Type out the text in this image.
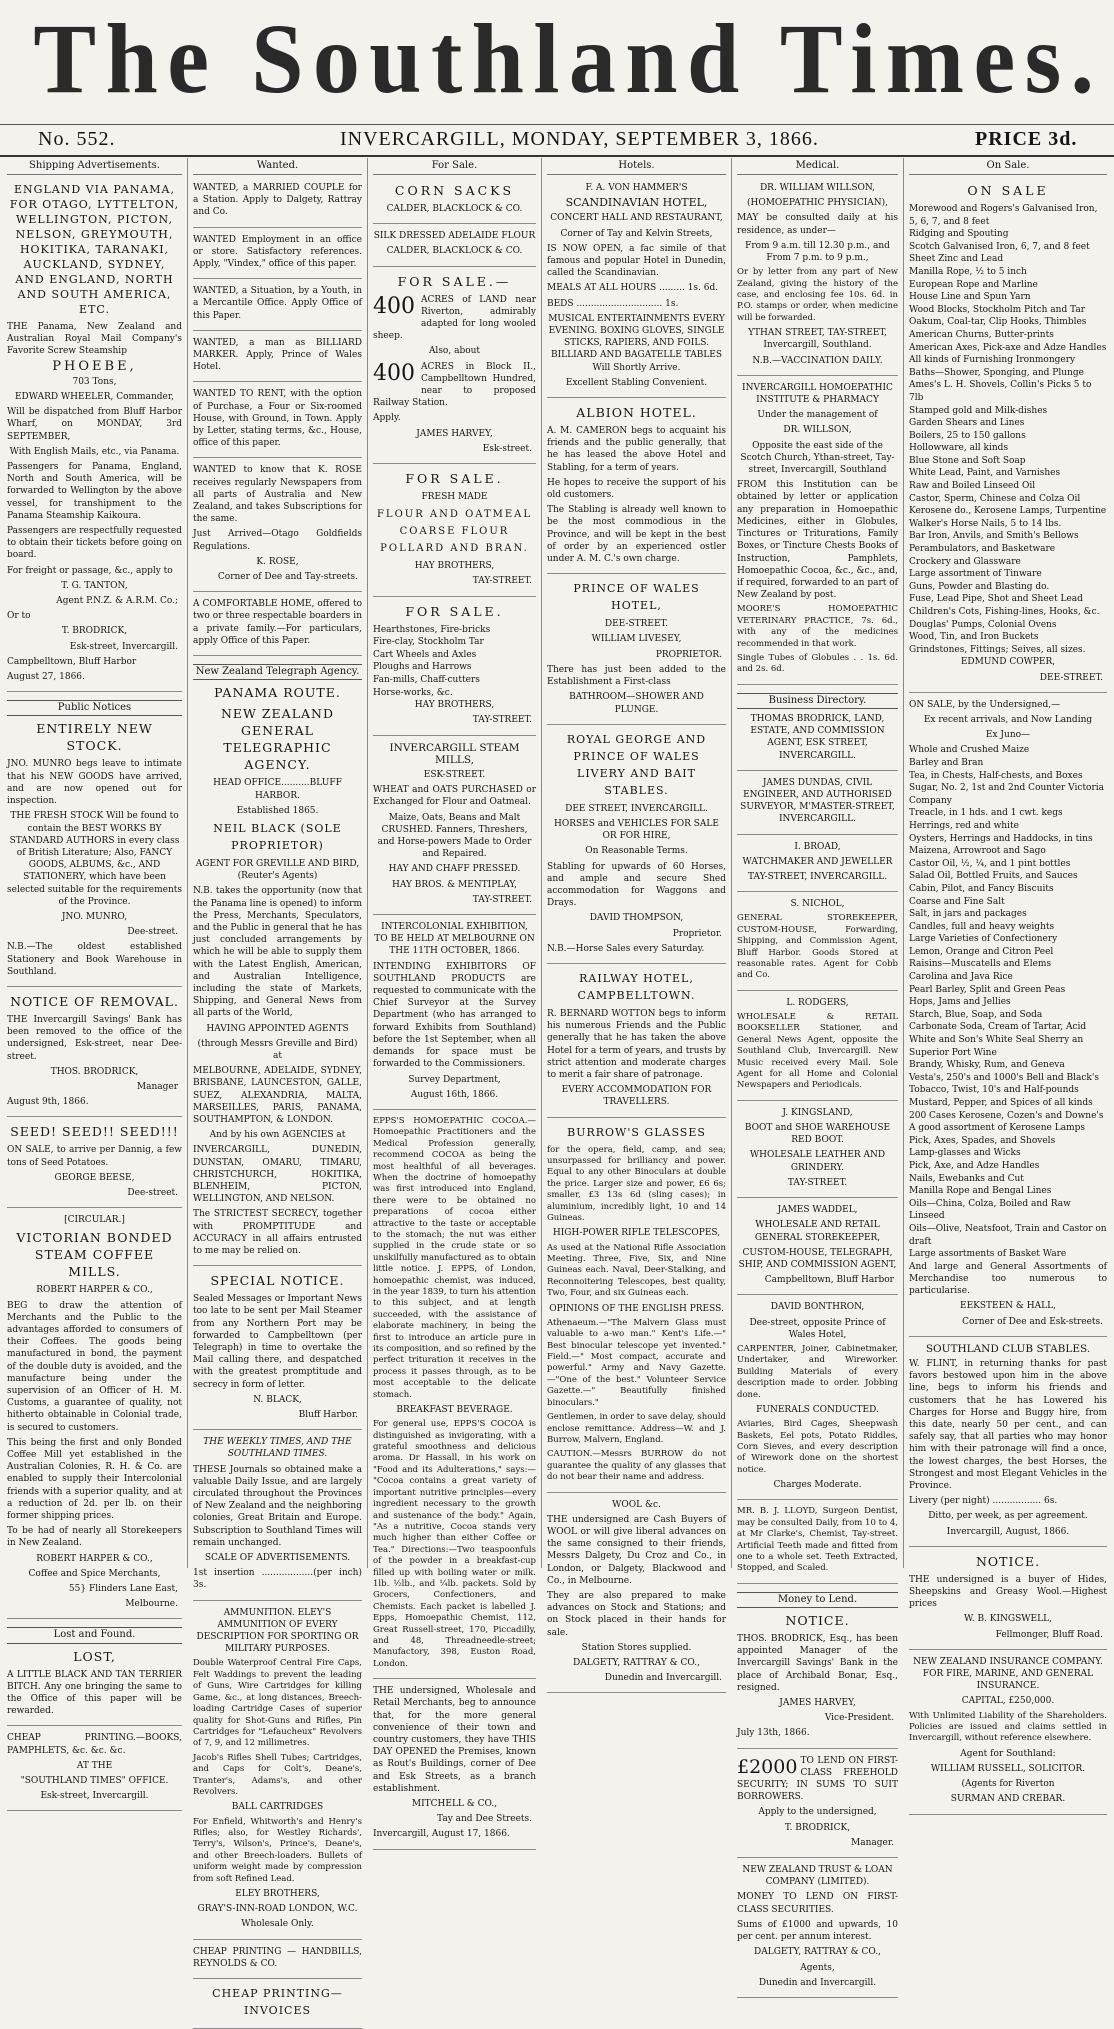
The Southland Times.
No. 552.	INVERCARGILL, MONDAY, SEPTEMBER 3, 1866.	PRICE 3d.
Shipping Advertisements.

ENGLAND VIA PANAMA, FOR OTAGO, LYTTELTON, WELLINGTON, PICTON, NELSON, GREYMOUTH, HOKITIKA, TARANAKI, AUCKLAND, SYDNEY, AND ENGLAND, NORTH AND SOUTH AMERICA, ETC.

THE Panama, New Zealand and Australian Royal Mail Company's Favorite Screw Steamship

PHOEBE,

703 Tons,

EDWARD WHEELER, Commander,

Will be dispatched from Bluff Harbor Wharf, on MONDAY, 3rd SEPTEMBER,

With English Mails, etc., via Panama.

Passengers for Panama, England, North and South America, will be forwarded to Wellington by the above vessel, for transhipment to the Panama Steamship Kaikoura.

Passengers are respectfully requested to obtain their tickets before going on board.

For freight or passage, &c., apply to

T. G. TANTON,

Agent P.N.Z. & A.R.M. Co.;

Or to

T. BRODRICK,

Esk-street, Invercargill.

Campbelltown, Bluff Harbor

August 27, 1866.

Public Notices

ENTIRELY NEW STOCK.

JNO. MUNRO begs leave to intimate that his NEW GOODS have arrived, and are now opened out for inspection.

THE FRESH STOCK Will be found to contain the BEST WORKS BY STANDARD AUTHORS in every class of British Literature; Also, FANCY GOODS, ALBUMS, &c., AND STATIONERY, which have been selected suitable for the requirements of the Province.

JNO. MUNRO,

Dee-street.

N.B.—The oldest established Stationery and Book Warehouse in Southland.

NOTICE OF REMOVAL.

THE Invercargill Savings' Bank has been removed to the office of the undersigned, Esk-street, near Dee-street.

THOS. BRODRICK,

Manager

August 9th, 1866.

SEED! SEED!! SEED!!!

ON SALE, to arrive per Dannig, a few tons of Seed Potatoes.

GEORGE BEESE,

Dee-street.

[CIRCULAR.]

VICTORIAN BONDED STEAM COFFEE MILLS.

ROBERT HARPER & CO.,

BEG to draw the attention of Merchants and the Public to the advantages afforded to consumers of their Coffees. The goods being manufactured in bond, the payment of the double duty is avoided, and the manufacture being under the supervision of an Officer of H. M. Customs, a guarantee of quality, not hitherto obtainable in Colonial trade, is secured to customers.

This being the first and only Bonded Coffee Mill yet established in the Australian Colonies, R. H. & Co. are enabled to supply their Intercolonial friends with a superior quality, and at a reduction of 2d. per lb. on their former shipping prices.

To be had of nearly all Storekeepers in New Zealand.

ROBERT HARPER & CO.,

Coffee and Spice Merchants,

55} Flinders Lane East,

Melbourne.

Lost and Found.

LOST,

A LITTLE BLACK AND TAN TERRIER BITCH. Any one bringing the same to the Office of this paper will be rewarded.

CHEAP PRINTING.—BOOKS, PAMPHLETS, &c. &c. &c.

AT THE

"SOUTHLAND TIMES" OFFICE.

Esk-street, Invercargill.

Wanted.

WANTED, a MARRIED COUPLE for a Station. Apply to Dalgety, Rattray and Co.

WANTED Employment in an office or store. Satisfactory references. Apply, "Vindex," office of this paper.

WANTED, a Situation, by a Youth, in a Mercantile Office. Apply Office of this Paper.

WANTED, a man as BILLIARD MARKER. Apply, Prince of Wales Hotel.

WANTED TO RENT, with the option of Purchase, a Four or Six-roomed House, with Ground, in Town. Apply by Letter, stating terms, &c., House, office of this paper.

WANTED to know that K. ROSE receives regularly Newspapers from all parts of Australia and New Zealand, and takes Subscriptions for the same.

Just Arrived—Otago Goldfields Regulations.

K. ROSE,

Corner of Dee and Tay-streets.

A COMFORTABLE HOME, offered to two or three respectable boarders in a private family.—For particulars, apply Office of this Paper.

New Zealand Telegraph Agency.

PANAMA ROUTE.

NEW ZEALAND GENERAL TELEGRAPHIC AGENCY.

HEAD OFFICE..........BLUFF HARBOR.

Established 1865.

NEIL BLACK (SOLE PROPRIETOR)

AGENT FOR GREVILLE AND BIRD, (Reuter's Agents)

N.B. takes the opportunity (now that the Panama line is opened) to inform the Press, Merchants, Speculators, and the Public in general that he has just concluded arrangements by which he will be able to supply them with the Latest English, American, and Australian Intelligence, including the state of Markets, Shipping, and General News from all parts of the World,

HAVING APPOINTED AGENTS

(through Messrs Greville and Bird) at

MELBOURNE, ADELAIDE, SYDNEY, BRISBANE, LAUNCESTON, GALLE, SUEZ, ALEXANDRIA, MALTA, MARSEILLES, PARIS, PANAMA, SOUTHAMPTON, & LONDON.

And by his own AGENCIES at

INVERCARGILL, DUNEDIN, DUNSTAN, OMARU, TIMARU, CHRISTCHURCH, HOKITIKA, BLENHEIM, PICTON, WELLINGTON, AND NELSON.

The STRICTEST SECRECY, together with PROMPTITUDE and ACCURACY in all affairs entrusted to me may be relied on.

SPECIAL NOTICE.

Sealed Messages or Important News too late to be sent per Mail Steamer from any Northern Port may be forwarded to Campbelltown (per Telegraph) in time to overtake the Mail calling there, and despatched with the greatest promptitude and secrecy in form of letter.

N. BLACK,

Bluff Harbor.

THE WEEKLY TIMES, AND THE SOUTHLAND TIMES.

THESE Journals so obtained make a valuable Daily Issue, and are largely circulated throughout the Provinces of New Zealand and the neighboring colonies, Great Britain and Europe. Subscription to Southland Times will remain unchanged.

SCALE OF ADVERTISEMENTS.

1st insertion ..................(per inch) 3s.

AMMUNITION. ELEY'S AMMUNITION OF EVERY DESCRIPTION FOR SPORTING OR MILITARY PURPOSES.

Double Waterproof Central Fire Caps, Felt Waddings to prevent the leading of Guns, Wire Cartridges for killing Game, &c., at long distances, Breech-loading Cartridge Cases of superior quality for Shot-Guns and Rifles, Pin Cartridges for "Lefaucheux" Revolvers of 7, 9, and 12 millimetres.

Jacob's Rifles Shell Tubes; Cartridges, and Caps for Colt's, Deane's, Tranter's, Adams's, and other Revolvers.

BALL CARTRIDGES

For Enfield, Whitworth's and Henry's Rifles; also, for Westley Richards', Terry's, Wilson's, Prince's, Deane's, and other Breech-loaders. Bullets of uniform weight made by compression from soft Refined Lead.

ELEY BROTHERS,

GRAY'S-INN-ROAD LONDON, W.C.

Wholesale Only.

CHEAP PRINTING — HANDBILLS, REYNOLDS & CO.

CHEAP PRINTING—INVOICES

For Sale.

CORN SACKS

CALDER, BLACKLOCK & CO.

SILK DRESSED ADELAIDE FLOUR

CALDER, BLACKLOCK & CO.

FOR SALE.—

400 ACRES of LAND near Riverton, admirably adapted for long wooled sheep.

Also, about

400 ACRES in Block II., Campbelltown Hundred, near to proposed Railway Station.

Apply.

JAMES HARVEY,

Esk-street.

FOR SALE.

FRESH MADE

FLOUR AND OATMEAL COARSE FLOUR POLLARD AND BRAN.

HAY BROTHERS,

TAY-STREET.

FOR SALE.

Hearthstones, Fire-bricks
Fire-clay, Stockholm Tar
Cart Wheels and Axles
Ploughs and Harrows
Fan-mills, Chaff-cutters
Horse-works, &c.

HAY BROTHERS,

TAY-STREET.

INVERCARGILL STEAM MILLS,

ESK-STREET.

WHEAT and OATS PURCHASED or Exchanged for Flour and Oatmeal.

Maize, Oats, Beans and Malt CRUSHED. Fanners, Threshers, and Horse-powers Made to Order and Repaired.

HAY AND CHAFF PRESSED.

HAY BROS. & MENTIPLAY,

TAY-STREET.

INTERCOLONIAL EXHIBITION, TO BE HELD AT MELBOURNE ON THE 11TH OCTOBER, 1866.

INTENDING EXHIBITORS OF SOUTHLAND PRODUCTS are requested to communicate with the Chief Surveyor at the Survey Department (who has arranged to forward Exhibits from Southland) before the 1st September, when all demands for space must be forwarded to the Commissioners.

Survey Department,

August 16th, 1866.

EPPS'S HOMOEPATHIC COCOA.—Homoepathic Practitioners and the Medical Profession generally, recommend COCOA as being the most healthful of all beverages. When the doctrine of homoepathy was first introduced into England, there were to be obtained no preparations of cocoa either attractive to the taste or acceptable to the stomach; the nut was either supplied in the crude state or so unskilfully manufactured as to obtain little notice. J. EPPS, of London, homoepathic chemist, was induced, in the year 1839, to turn his attention to this subject, and at length succeeded, with the assistance of elaborate machinery, in being the first to introduce an article pure in its composition, and so refined by the perfect trituration it receives in the process it passes through, as to be most acceptable to the delicate stomach.

BREAKFAST BEVERAGE.

For general use, EPPS'S COCOA is distinguished as invigorating, with a grateful smoothness and delicious aroma. Dr Hassall, in his work on "Food and its Adulterations," says:— "Cocoa contains a great variety of important nutritive principles—every ingredient necessary to the growth and sustenance of the body." Again, "As a nutritive, Cocoa stands very much higher than either Coffee or Tea." Directions:—Two teaspoonfuls of the powder in a breakfast-cup filled up with boiling water or milk. 1lb. ½lb., and ¼lb. packets. Sold by Grocers, Confectioners, and Chemists. Each packet is labelled J. Epps, Homoepathic Chemist, 112, Great Russell-street, 170, Piccadilly, and 48, Threadneedle-street; Manufactory, 398, Euston Road, London.

THE undersigned, Wholesale and Retail Merchants, beg to announce that, for the more general convenience of their town and country customers, they have THIS DAY OPENED the Premises, known as Rout's Buildings, corner of Dee and Esk Streets, as a branch establishment.

MITCHELL & CO.,

Tay and Dee Streets.

Invercargill, August 17, 1866.

Hotels.

F. A. VON HAMMER'S

SCANDINAVIAN HOTEL,

CONCERT HALL AND RESTAURANT,

Corner of Tay and Kelvin Streets,

IS NOW OPEN, a fac simile of that famous and popular Hotel in Dunedin, called the Scandinavian.

MEALS AT ALL HOURS ......... 1s. 6d.

BEDS .............................. 1s.

MUSICAL ENTERTAINMENTS EVERY EVENING. BOXING GLOVES, SINGLE STICKS, RAPIERS, AND FOILS. BILLIARD AND BAGATELLE TABLES Will Shortly Arrive.

Excellent Stabling Convenient.

ALBION HOTEL.

A. M. CAMERON begs to acquaint his friends and the public generally, that he has leased the above Hotel and Stabling, for a term of years.

He hopes to receive the support of his old customers.

The Stabling is already well known to be the most commodious in the Province, and will be kept in the best of order by an experienced ostler under A. M. C.'s own charge.

PRINCE OF WALES HOTEL,

DEE-STREET.

WILLIAM LIVESEY,

PROPRIETOR.

There has just been added to the Establishment a First-class

BATHROOM—SHOWER AND PLUNGE.

ROYAL GEORGE AND PRINCE OF WALES LIVERY AND BAIT STABLES.

DEE STREET, INVERCARGILL.

HORSES and VEHICLES FOR SALE OR FOR HIRE,

On Reasonable Terms.

Stabling for upwards of 60 Horses, and ample and secure Shed accommodation for Waggons and Drays.

DAVID THOMPSON,

Proprietor.

N.B.—Horse Sales every Saturday.

RAILWAY HOTEL, CAMPBELLTOWN.

R. BERNARD WOTTON begs to inform his numerous Friends and the Public generally that he has taken the above Hotel for a term of years, and trusts by strict attention and moderate charges to merit a fair share of patronage.

EVERY ACCOMMODATION FOR TRAVELLERS.

BURROW'S GLASSES

for the opera, field, camp, and sea; unsurpassed for brilliancy and power. Equal to any other Binoculars at double the price. Larger size and power, £6 6s; smaller, £3 13s 6d (sling cases); in aluminium, incredibly light, 10 and 14 Guineas.

HIGH-POWER RIFLE TELESCOPES,

As used at the National Rifle Association Meeting. Three, Five, Six, and Nine Guineas each. Naval, Deer-Stalking, and Reconnoitering Telescopes, best quality, Two, Four, and six Guineas each.

OPINIONS OF THE ENGLISH PRESS.

Athenaeum.—"The Malvern Glass must valuable to a-wo man." Kent's Life.—" Best binocular telescope yet invented." Field.—" Most compact, accurate and powerful." Army and Navy Gazette.—"One of the best." Volunteer Service Gazette.—" Beautifully finished binoculars."

Gentlemen, in order to save delay, should enclose remittance. Address—W. and J. Burrow, Malvern, England.

CAUTION.—Messrs BURROW do not guarantee the quality of any glasses that do not bear their name and address.

WOOL &c.

THE undersigned are Cash Buyers of WOOL or will give liberal advances on the same consigned to their friends, Messrs Dalgety, Du Croz and Co., in London, or Dalgety, Blackwood and Co., in Melbourne.

They are also prepared to make advances on Stock and Stations; and on Stock placed in their hands for sale.

Station Stores supplied.

DALGETY, RATTRAY & CO.,

Dunedin and Invercargill.

Medical.

DR. WILLIAM WILLSON,

(HOMOEPATHIC PHYSICIAN),

MAY be consulted daily at his residence, as under—

From 9 a.m. till 12.30 p.m., and From 7 p.m. to 9 p.m.,

Or by letter from any part of New Zealand, giving the history of the case, and enclosing fee 10s. 6d. in P.O. stamps or order, when medicine will be forwarded.

YTHAN STREET, TAY-STREET, Invercargill, Southland.

N.B.—VACCINATION DAILY.

INVERCARGILL HOMOEPATHIC INSTITUTE & PHARMACY

Under the management of

DR. WILLSON,

Opposite the east side of the Scotch Church, Ythan-street, Tay-street, Invercargill, Southland

FROM this Institution can be obtained by letter or application any preparation in Homoepathic Medicines, either in Globules, Tinctures or Triturations, Family Boxes, or Tincture Chests Books of Instruction, Pamphlets, Homoepathic Cocoa, &c., &c., and, if required, forwarded to an part of New Zealand by post.

MOORE'S HOMOEPATHIC VETERINARY PRACTICE, 7s. 6d., with any of the medicines recommended in that work.

Single Tubes of Globules . . 1s. 6d. and 2s. 6d.

Business Directory.

THOMAS BRODRICK, LAND, ESTATE, AND COMMISSION AGENT, ESK STREET, INVERCARGILL.

JAMES DUNDAS, CIVIL ENGINEER, AND AUTHORISED SURVEYOR, M'MASTER-STREET, INVERCARGILL.

I. BROAD,

WATCHMAKER AND JEWELLER

TAY-STREET, INVERCARGILL.

S. NICHOL,

GENERAL STOREKEEPER, CUSTOM-HOUSE, Forwarding, Shipping, and Commission Agent, Bluff Harbor. Goods Stored at reasonable rates. Agent for Cobb and Co.

L. RODGERS,

WHOLESALE & RETAIL BOOKSELLER Stationer, and General News Agent, opposite the Southland Club, Invercargill. New Music received every Mail. Sole Agent for all Home and Colonial Newspapers and Periodicals.

J. KINGSLAND,

BOOT and SHOE WAREHOUSE RED BOOT.

WHOLESALE LEATHER AND GRINDERY.

TAY-STREET.

JAMES WADDEL,

WHOLESALE AND RETAIL GENERAL STOREKEEPER,

CUSTOM-HOUSE, TELEGRAPH, SHIP, AND COMMISSION AGENT,

Campbelltown, Bluff Harbor

DAVID BONTHRON,

Dee-street, opposite Prince of Wales Hotel,

CARPENTER, Joiner, Cabinetmaker, Undertaker, and Wireworker. Building Materials of every description made to order. Jobbing done.

FUNERALS CONDUCTED.

Aviaries, Bird Cages, Sheepwash Baskets, Eel pots, Potato Riddles, Corn Sieves, and every description of Wirework done on the shortest notice.

Charges Moderate.

MR. B. J. LLOYD, Surgeon Dentist, may be consulted Daily, from 10 to 4, at Mr Clarke's, Chemist, Tay-street. Artificial Teeth made and fitted from one to a whole set. Teeth Extracted, Stopped, and Scaled.

Money to Lend.

NOTICE.

THOS. BRODRICK, Esq., has been appointed Manager of the Invercargill Savings' Bank in the place of Archibald Bonar, Esq., resigned.

JAMES HARVEY,

Vice-President.

July 13th, 1866.

£2000 TO LEND ON FIRST-CLASS FREEHOLD SECURITY; IN SUMS TO SUIT BORROWERS.

Apply to the undersigned,

T. BRODRICK,

Manager.

NEW ZEALAND TRUST & LOAN COMPANY (LIMITED).

MONEY TO LEND ON FIRST-CLASS SECURITIES.

Sums of £1000 and upwards, 10 per cent. per annum interest.

DALGETY, RATTRAY & CO.,

Agents,

Dunedin and Invercargill.

On Sale.

ON SALE

Morewood and Rogers's Galvanised Iron, 5, 6, 7, and 8 feet
Ridging and Spouting
Scotch Galvanised Iron, 6, 7, and 8 feet
Sheet Zinc and Lead
Manilla Rope, ½ to 5 inch
European Rope and Marline
House Line and Spun Yarn
Wood Blocks, Stockholm Pitch and Tar
Oakum, Coal-tar, Clip Hooks, Thimbles
American Churns, Butter-prints
American Axes, Pick-axe and Adze Handles
All kinds of Furnishing Ironmongery
Baths—Shower, Sponging, and Plunge
Ames's L. H. Shovels, Collin's Picks 5 to 7lb
Stamped gold and Milk-dishes
Garden Shears and Lines
Boilers, 25 to 150 gallons
Hollowware, all kinds
Blue Stone and Soft Soap
White Lead, Paint, and Varnishes
Raw and Boiled Linseed Oil
Castor, Sperm, Chinese and Colza Oil
Kerosene do., Kerosene Lamps, Turpentine
Walker's Horse Nails, 5 to 14 lbs.
Bar Iron, Anvils, and Smith's Bellows
Perambulators, and Basketware
Crockery and Glassware
Large assortment of Tinware
Guns, Powder and Blasting do.
Fuse, Lead Pipe, Shot and Sheet Lead
Children's Cots, Fishing-lines, Hooks, &c.
Douglas' Pumps, Colonial Ovens
Wood, Tin, and Iron Buckets
Grindstones, Fittings; Seives, all sizes.

EDMUND COWPER,

DEE-STREET.

ON SALE, by the Undersigned,—

Ex recent arrivals, and Now Landing

Ex Juno—

Whole and Crushed Maize
Barley and Bran
Tea, in Chests, Half-chests, and Boxes
Sugar, No. 2, 1st and 2nd Counter Victoria Company
Treacle, in 1 hds. and 1 cwt. kegs
Herrings, red and white
Oysters, Herrings and Haddocks, in tins
Maizena, Arrowroot and Sago
Castor Oil, ½, ¼, and 1 pint bottles
Salad Oil, Bottled Fruits, and Sauces
Cabin, Pilot, and Fancy Biscuits
Coarse and Fine Salt
Salt, in jars and packages
Candles, full and heavy weights
Large Varieties of Confectionery
Lemon, Orange and Citron Peel
Raisins—Muscatells and Elems
Carolina and Java Rice
Pearl Barley, Split and Green Peas
Hops, Jams and Jellies
Starch, Blue, Soap, and Soda
Carbonate Soda, Cream of Tartar, Acid
White and Son's White Seal Sherry an Superior Port Wine
Brandy, Whisky, Rum, and Geneva
Vesta's, 250's and 1000's Bell and Black's
Tobacco, Twist, 10's and Half-pounds
Mustard, Pepper, and Spices of all kinds
200 Cases Kerosene, Cozen's and Downe's
A good assortment of Kerosene Lamps
Pick, Axes, Spades, and Shovels
Lamp-glasses and Wicks
Pick, Axe, and Adze Handles
Nails, Ewebanks and Cut
Manilla Rope and Bengal Lines
Oils—China, Colza, Boiled and Raw Linseed
Oils—Olive, Neatsfoot, Train and Castor on draft
Large assortments of Basket Ware

And large and General Assortments of Merchandise too numerous to particularise.

EEKSTEEN & HALL,

Corner of Dee and Esk-streets.

SOUTHLAND CLUB STABLES.

W. FLINT, in returning thanks for past favors bestowed upon him in the above line, begs to inform his friends and customers that he has Lowered his Charges for Horse and Buggy hire, from this date, nearly 50 per cent., and can safely say, that all parties who may honor him with their patronage will find a once, the lowest charges, the best Horses, the Strongest and most Elegant Vehicles in the Province.

Livery (per night) ................. 6s.

Ditto, per week, as per agreement.

Invercargill, August, 1866.

NOTICE.

THE undersigned is a buyer of Hides, Sheepskins and Greasy Wool.—Highest prices

W. B. KINGSWELL,

Fellmonger, Bluff Road.

NEW ZEALAND INSURANCE COMPANY. FOR FIRE, MARINE, AND GENERAL INSURANCE.

CAPITAL, £250,000.

With Unlimited Liability of the Shareholders. Policies are issued and claims settled in Invercargill, without reference elsewhere.

Agent for Southland:

WILLIAM RUSSELL, SOLICITOR.

(Agents for Riverton

SURMAN AND CREBAR.
